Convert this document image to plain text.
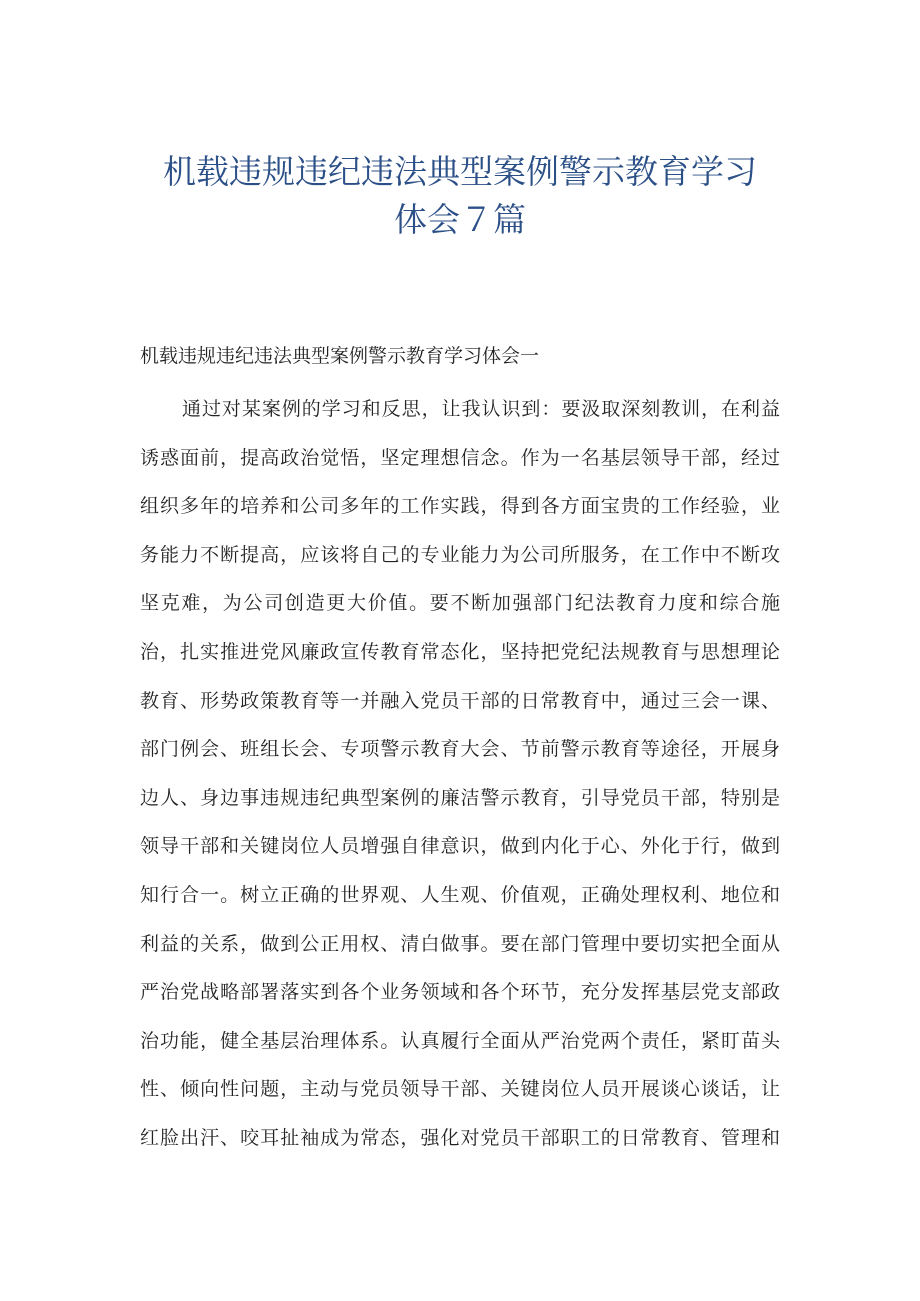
机载违规违纪违法典型案例警示教育学习
体会７篇

机载违规违纪违法典型案例警示教育学习体会一

通过对某案例的学习和反思，让我认识到：要汲取深刻教训，在利益
诱惑面前，提高政治觉悟，坚定理想信念。作为一名基层领导干部，经过
组织多年的培养和公司多年的工作实践，得到各方面宝贵的工作经验，业
务能力不断提高，应该将自己的专业能力为公司所服务，在工作中不断攻
坚克难，为公司创造更大价值。要不断加强部门纪法教育力度和综合施
治，扎实推进党风廉政宣传教育常态化，坚持把党纪法规教育与思想理论
教育、形势政策教育等一并融入党员干部的日常教育中，通过三会一课、
部门例会、班组长会、专项警示教育大会、节前警示教育等途径，开展身
边人、身边事违规违纪典型案例的廉洁警示教育，引导党员干部，特别是
领导干部和关键岗位人员增强自律意识，做到内化于心、外化于行，做到
知行合一。树立正确的世界观、人生观、价值观，正确处理权利、地位和
利益的关系，做到公正用权、清白做事。要在部门管理中要切实把全面从
严治党战略部署落实到各个业务领域和各个环节，充分发挥基层党支部政
治功能，健全基层治理体系。认真履行全面从严治党两个责任，紧盯苗头
性、倾向性问题，主动与党员领导干部、关键岗位人员开展谈心谈话，让
红脸出汗、咬耳扯袖成为常态，强化对党员干部职工的日常教育、管理和
